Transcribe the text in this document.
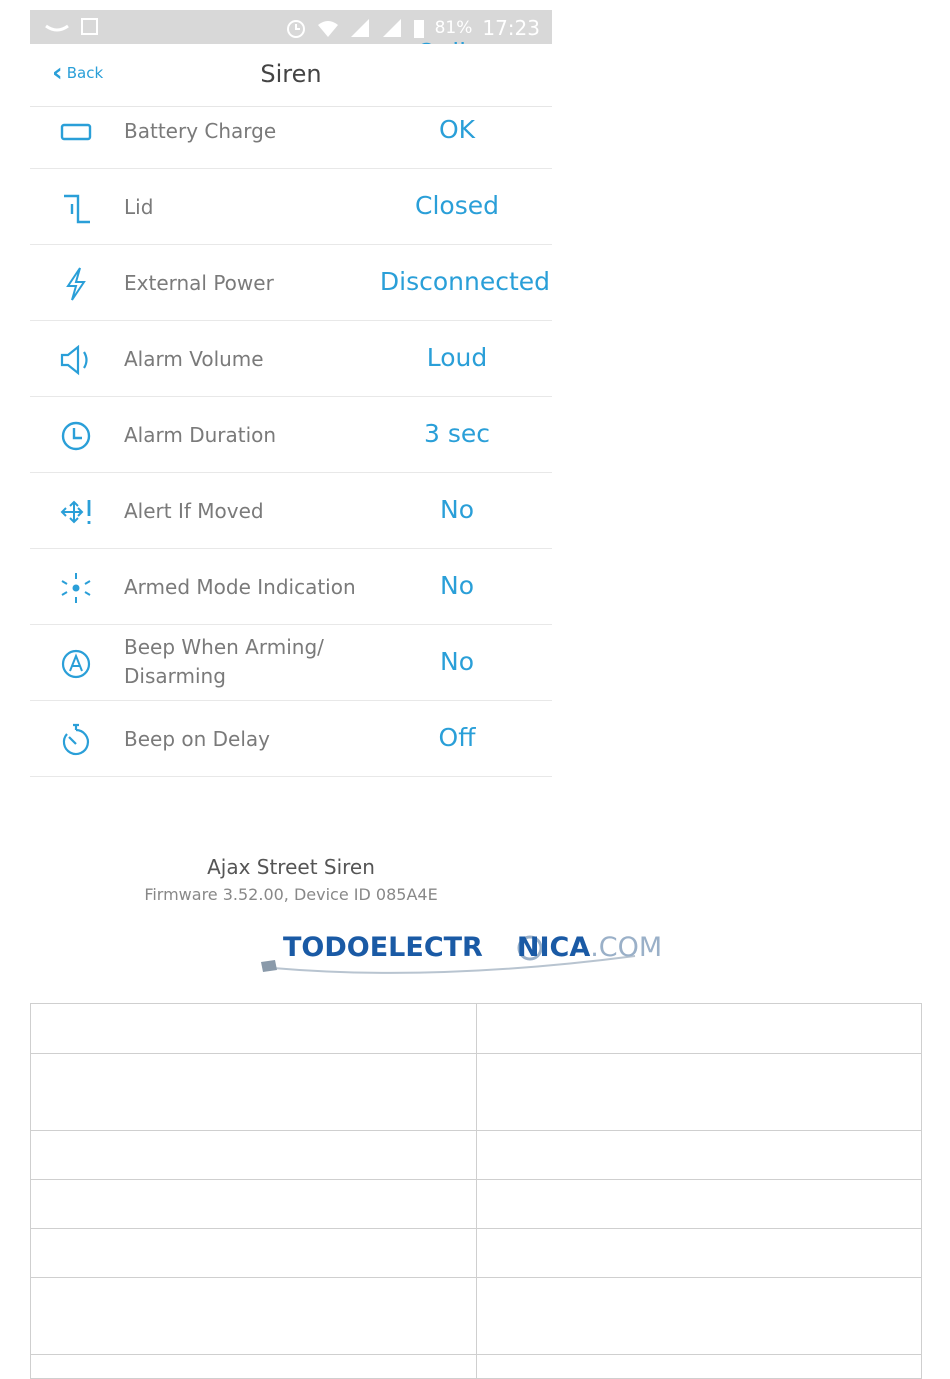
81% 17:23
‹ Back	Siren
Battery Charge	OK
Lid	Closed
External Power	Disconnected
Alarm Volume	Loud
Alarm Duration	3 sec
Alert If Moved	No
Armed Mode Indication	No
Beep When Arming/ Disarming	No
Beep on Delay	Off
Ajax Street Siren
Firmware 3.52.00, Device ID 085A4E
TODOELECTR NICA.COM
